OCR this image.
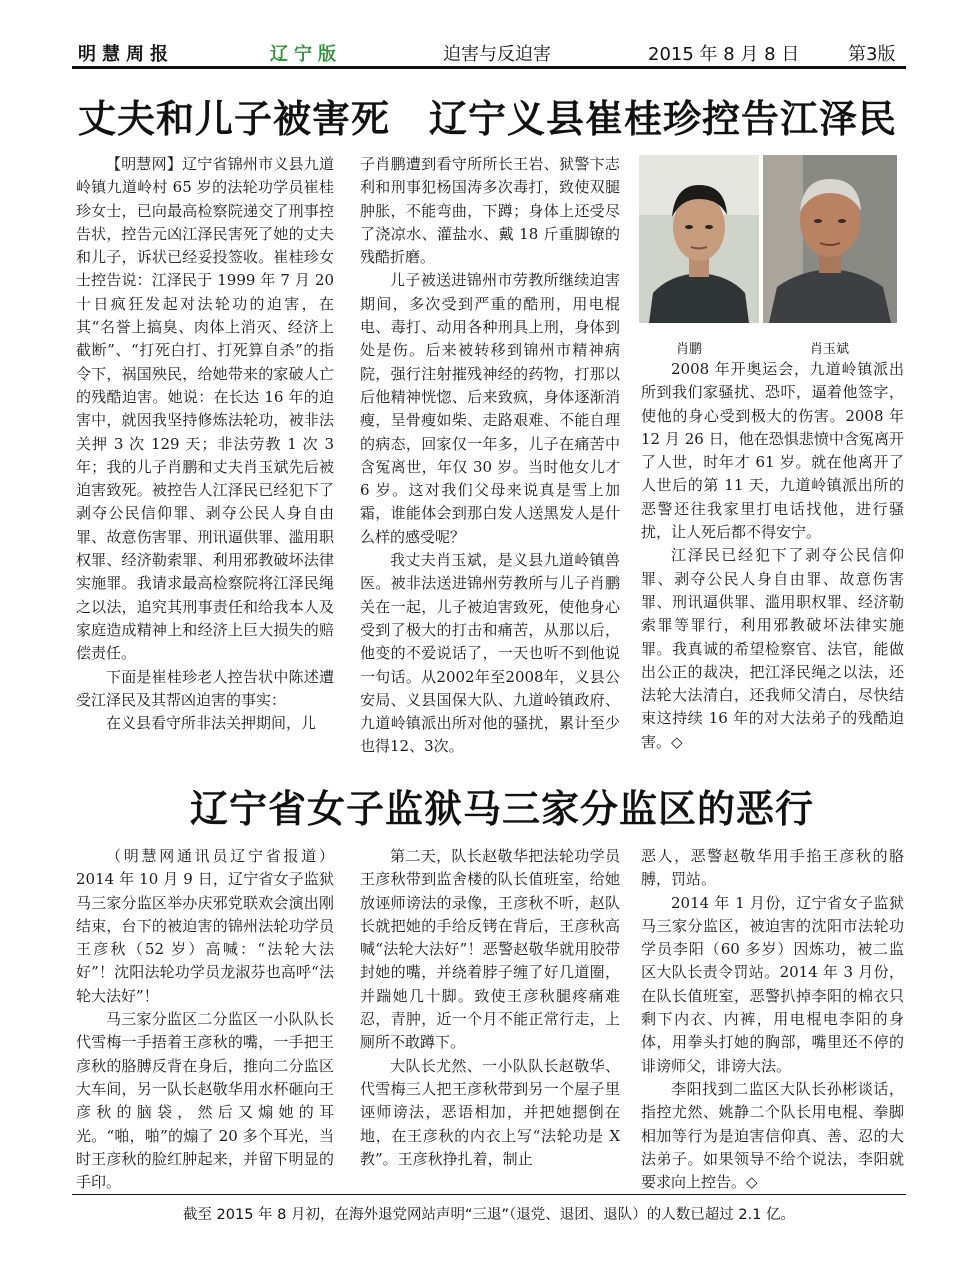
明慧周报	辽宁版	迫害与反迫害	2015 年 8 月 8 日	第3版
丈夫和儿子被害死　辽宁义县崔桂珍控告江泽民

【明慧网】辽宁省锦州市义县九道岭镇九道岭村 65 岁的法轮功学员崔桂珍女士，已向最高检察院递交了刑事控告状，控告元凶江泽民害死了她的丈夫和儿子，诉状已经妥投签收。崔桂珍女士控告说：江泽民于 1999 年 7 月 20 十日疯狂发起对法轮功的迫害，在其“名誉上搞臭、肉体上消灭、经济上截断”、“打死白打、打死算自杀”的指令下，祸国殃民，给她带来的家破人亡的残酷迫害。她说：在长达 16 年的迫害中，就因我坚持修炼法轮功，被非法关押 3 次 129 天；非法劳教 1 次 3 年；我的儿子肖鹏和丈夫肖玉斌先后被迫害致死。被控告人江泽民已经犯下了剥夺公民信仰罪、剥夺公民人身自由罪、故意伤害罪、刑讯逼供罪、滥用职权罪、经济勒索罪、利用邪教破坏法律实施罪。我请求最高检察院将江泽民绳之以法，追究其刑事责任和给我本人及家庭造成精神上和经济上巨大损失的赔偿责任。

下面是崔桂珍老人控告状中陈述遭受江泽民及其帮凶迫害的事实：

在义县看守所非法关押期间，儿

子肖鹏遭到看守所所长王岩、狱警卞志利和刑事犯杨国涛多次毒打，致使双腿肿胀，不能弯曲，下蹲；身体上还受尽了浇凉水、灌盐水、戴 18 斤重脚镣的残酷折磨。

儿子被送进锦州市劳教所继续迫害期间，多次受到严重的酷刑，用电棍电、毒打、动用各种刑具上刑，身体到处是伤。后来被转移到锦州市精神病院，强行注射摧残神经的药物，打那以后他精神恍惚、后来致疯，身体逐渐消瘦，呈骨瘦如柴、走路艰难、不能自理的病态，回家仅一年多，儿子在痛苦中含冤离世，年仅 30 岁。当时他女儿才 6 岁。这对我们父母来说真是雪上加霜，谁能体会到那白发人送黑发人是什么样的感受呢？

我丈夫肖玉斌，是义县九道岭镇兽医。被非法送进锦州劳教所与儿子肖鹏关在一起，儿子被迫害致死，使他身心受到了极大的打击和痛苦，从那以后，他变的不爱说话了，一天也听不到他说一句话。从2002年至2008年，义县公安局、义县国保大队、九道岭镇政府、九道岭镇派出所对他的骚扰，累计至少也得12、3次。

肖鹏	肖玉斌

2008 年开奥运会，九道岭镇派出所到我们家骚扰、恐吓，逼着他签字，使他的身心受到极大的伤害。2008 年 12 月 26 日，他在恐惧悲愤中含冤离开了人世，时年才 61 岁。就在他离开了人世后的第 11 天，九道岭镇派出所的恶警还往我家里打电话找他，进行骚扰，让人死后都不得安宁。

江泽民已经犯下了剥夺公民信仰罪、剥夺公民人身自由罪、故意伤害罪、刑讯逼供罪、滥用职权罪、经济勒索罪等罪行，利用邪教破坏法律实施罪。我真诚的希望检察官、法官，能做出公正的裁决，把江泽民绳之以法，还法轮大法清白，还我师父清白，尽快结束这持续 16 年的对大法弟子的残酷迫害。◇

辽宁省女子监狱马三家分监区的恶行

（明慧网通讯员辽宁省报道）2014 年 10 月 9 日，辽宁省女子监狱马三家分监区举办庆邪党联欢会演出刚结束，台下的被迫害的锦州法轮功学员王彦秋（52 岁）高喊：“法轮大法好”！沈阳法轮功学员龙淑芬也高呼“法轮大法好”！

马三家分监区二分监区一小队队长代雪梅一手捂着王彦秋的嘴，一手把王彦秋的胳膊反背在身后，推向二分监区大车间，另一队长赵敬华用水杯砸向王彦秋的脑袋，然后又煽她的耳光。“啪，啪”的煽了 20 多个耳光，当时王彦秋的脸红肿起来，并留下明显的手印。

第二天，队长赵敬华把法轮功学员王彦秋带到监舍楼的队长值班室，给她放诬师谤法的录像，王彦秋不听，赵队长就把她的手给反铐在背后，王彦秋高喊“法轮大法好”！恶警赵敬华就用胶带封她的嘴，并绕着脖子缠了好几道圈，并踹她几十脚。致使王彦秋腿疼痛难忍，青肿，近一个月不能正常行走，上厕所不敢蹲下。

大队长尤然、一小队队长赵敬华、代雪梅三人把王彦秋带到另一个屋子里诬师谤法，恶语相加，并把她摁倒在地，在王彦秋的内衣上写“法轮功是 X 教”。王彦秋挣扎着，制止

恶人，恶警赵敬华用手掐王彦秋的胳膊，罚站。

2014 年 1 月份，辽宁省女子监狱马三家分监区，被迫害的沈阳市法轮功学员李阳（60 多岁）因炼功，被二监区大队长责令罚站。2014 年 3 月份，在队长值班室，恶警扒掉李阳的棉衣只剩下内衣、内裤，用电棍电李阳的身体，用拳头打她的胸部，嘴里还不停的诽谤师父，诽谤大法。

李阳找到二监区大队长孙彬谈话，指控尤然、姚静二个队长用电棍、拳脚相加等行为是迫害信仰真、善、忍的大法弟子。如果领导不给个说法，李阳就要求向上控告。◇

截至 2015 年 8 月初，在海外退党网站声明“三退”（退党、退团、退队）的人数已超过 2.1 亿。
